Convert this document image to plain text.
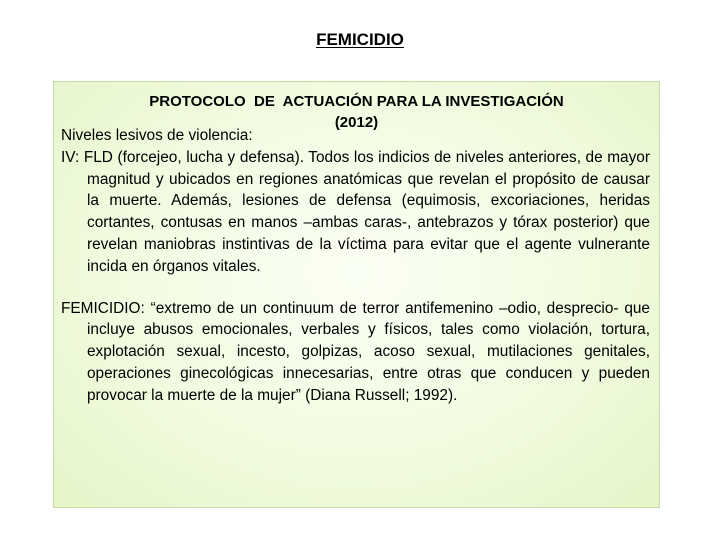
FEMICIDIO
PROTOCOLO  DE  ACTUACIÓN PARA LA INVESTIGACIÓN
(2012)

Niveles lesivos de violencia:

IV: FLD (forcejeo, lucha y defensa). Todos los indicios de niveles anteriores, de mayor magnitud y ubicados en regiones anatómicas que revelan el propósito de causar la muerte. Además, lesiones de defensa (equimosis, excoriaciones, heridas cortantes, contusas en manos –ambas caras-, antebrazos y tórax posterior) que revelan maniobras instintivas de la víctima para evitar que el agente vulnerante incida en órganos vitales.

FEMICIDIO: “extremo de un continuum de terror antifemenino –odio, desprecio- que incluye abusos emocionales, verbales y físicos, tales como violación, tortura, explotación sexual, incesto, golpizas, acoso sexual, mutilaciones genitales, operaciones ginecológicas innecesarias, entre otras que conducen y pueden provocar la muerte de la mujer” (Diana Russell; 1992).
